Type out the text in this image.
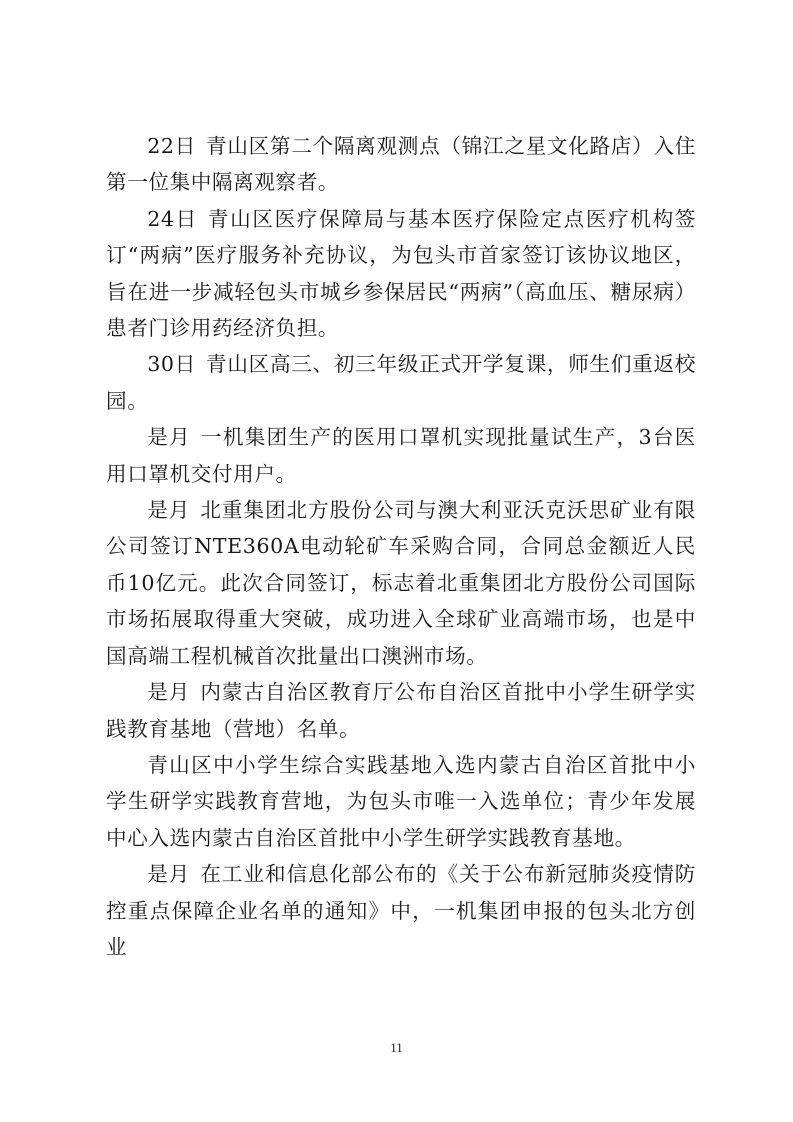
22日 青山区第二个隔离观测点（锦江之星文化路店）入住第一位集中隔离观察者。

24日 青山区医疗保障局与基本医疗保险定点医疗机构签订“两病”医疗服务补充协议，为包头市首家签订该协议地区，旨在进一步减轻包头市城乡参保居民“两病”（高血压、糖尿病）患者门诊用药经济负担。

30日 青山区高三、初三年级正式开学复课，师生们重返校园。

是月 一机集团生产的医用口罩机实现批量试生产，3台医用口罩机交付用户。

是月 北重集团北方股份公司与澳大利亚沃克沃思矿业有限公司签订NTE360A电动轮矿车采购合同，合同总金额近人民币10亿元。此次合同签订，标志着北重集团北方股份公司国际市场拓展取得重大突破，成功进入全球矿业高端市场，也是中国高端工程机械首次批量出口澳洲市场。

是月 内蒙古自治区教育厅公布自治区首批中小学生研学实践教育基地（营地）名单。

青山区中小学生综合实践基地入选内蒙古自治区首批中小学生研学实践教育营地，为包头市唯一入选单位；青少年发展中心入选内蒙古自治区首批中小学生研学实践教育基地。

是月 在工业和信息化部公布的《关于公布新冠肺炎疫情防控重点保障企业名单的通知》中，一机集团申报的包头北方创业

11
